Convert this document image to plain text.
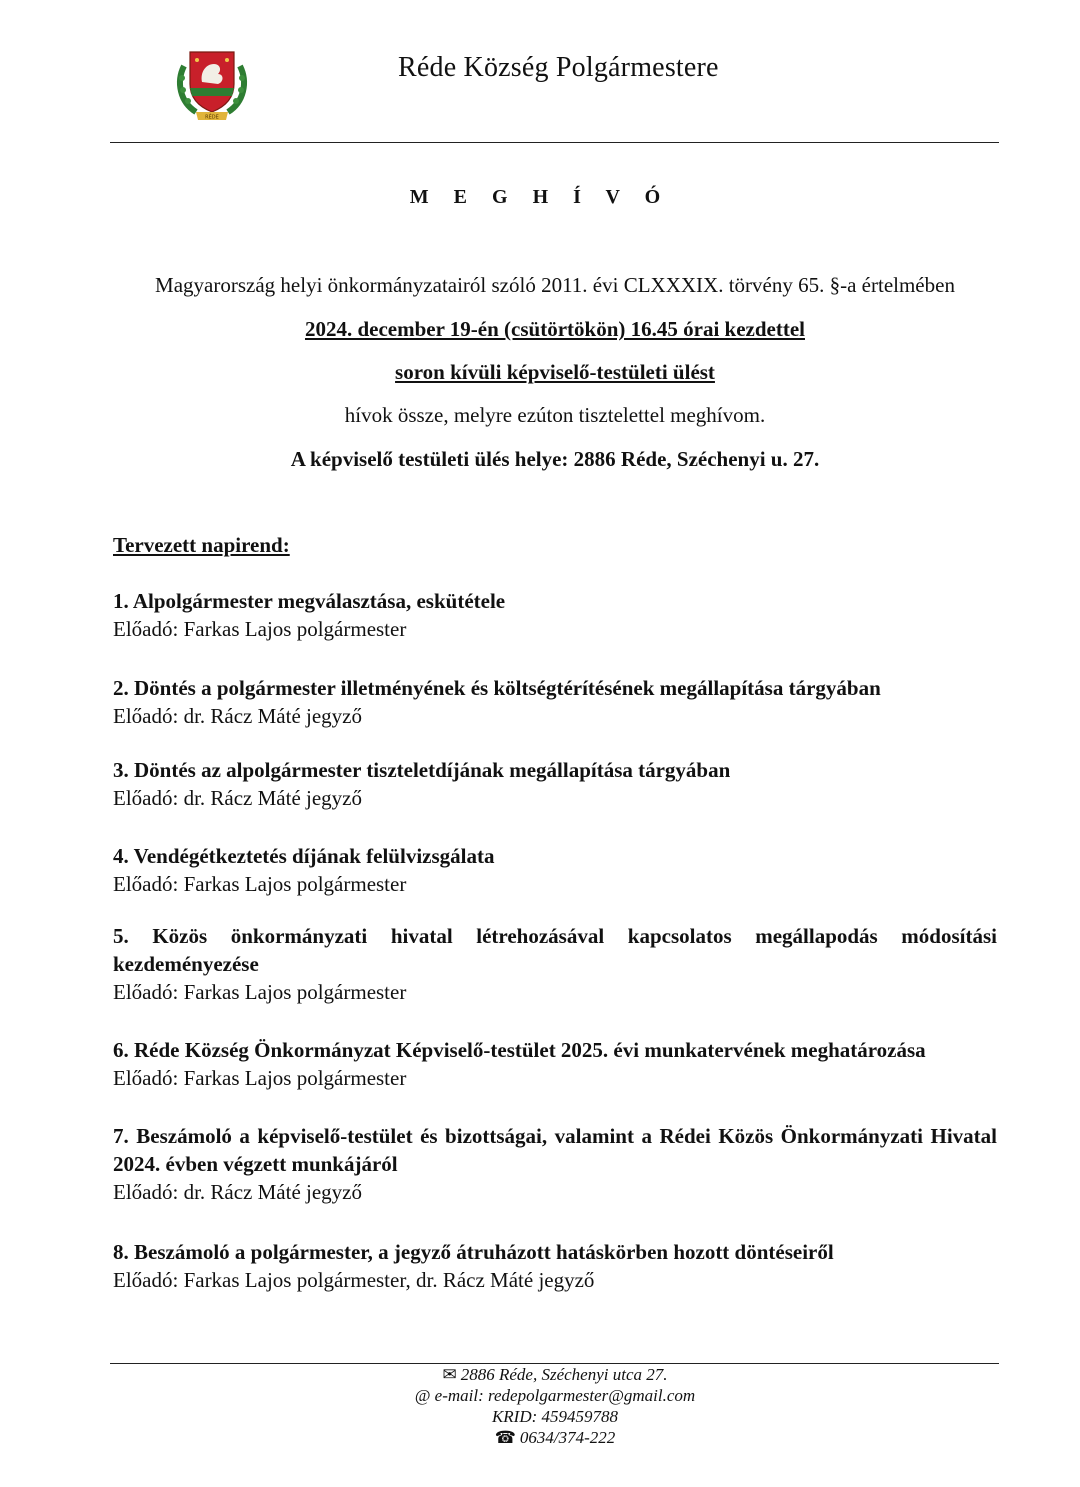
RÉDE
Réde Község Polgármestere
M E G H Í V Ó
Magyarország helyi önkormányzatairól szóló 2011. évi CLXXXIX. törvény 65. §-a értelmében
2024. december 19-én (csütörtökön) 16.45 órai kezdettel
soron kívüli képviselő-testületi ülést
hívok össze, melyre ezúton tisztelettel meghívom.
A képviselő testületi ülés helye: 2886 Réde, Széchenyi u. 27.
Tervezett napirend:
1. Alpolgármester megválasztása, eskütétele
Előadó: Farkas Lajos polgármester
2. Döntés a polgármester illetményének és költségtérítésének megállapítása tárgyában
Előadó: dr. Rácz Máté jegyző
3. Döntés az alpolgármester tiszteletdíjának megállapítása tárgyában
Előadó: dr. Rácz Máté jegyző
4. Vendégétkeztetés díjának felülvizsgálata
Előadó: Farkas Lajos polgármester
5. Közös önkormányzati hivatal létrehozásával kapcsolatos megállapodás módosítási kezdeményezése
Előadó: Farkas Lajos polgármester
6. Réde Község Önkormányzat Képviselő-testület 2025. évi munkatervének meghatározása
Előadó: Farkas Lajos polgármester
7. Beszámoló a képviselő-testület és bizottságai, valamint a Rédei Közös Önkormányzati Hivatal 2024. évben végzett munkájáról
Előadó: dr. Rácz Máté jegyző
8. Beszámoló a polgármester, a jegyző átruházott hatáskörben hozott döntéseiről
Előadó: Farkas Lajos polgármester, dr. Rácz Máté jegyző
✉ 2886 Réde, Széchenyi utca 27.
@ e-mail: redepolgarmester@gmail.com
KRID: 459459788
☎ 0634/374-222
